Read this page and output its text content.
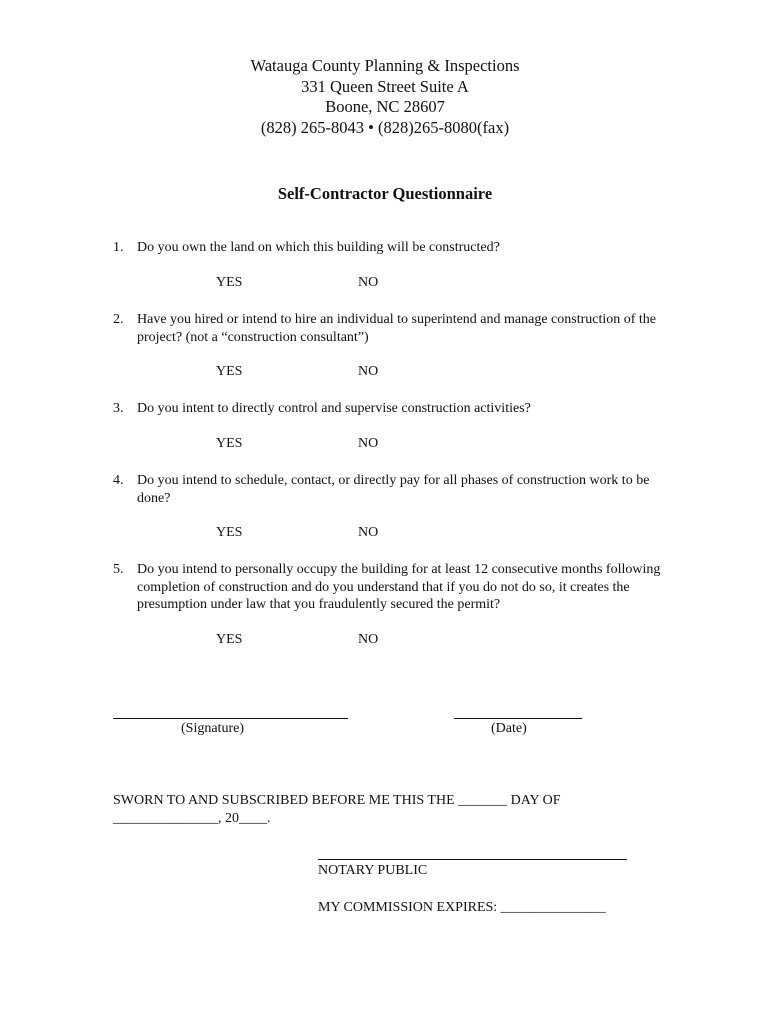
Watauga County Planning & Inspections
331 Queen Street Suite A
Boone, NC 28607
(828) 265-8043 • (828)265-8080(fax)
Self-Contractor Questionnaire
1. Do you own the land on which this building will be constructed?
YES	NO
2. Have you hired or intend to hire an individual to superintend and manage construction of the project? (not a “construction consultant”)
YES	NO
3. Do you intent to directly control and supervise construction activities?
YES	NO
4. Do you intend to schedule, contact, or directly pay for all phases of construction work to be done?
YES	NO
5. Do you intend to personally occupy the building for at least 12 consecutive months following completion of construction and do you understand that if you do not do so, it creates the presumption under law that you fraudulently secured the permit?
YES	NO
(Signature)	(Date)
SWORN TO AND SUBSCRIBED BEFORE ME THIS THE _______ DAY OF
_______________, 20____.
NOTARY PUBLIC
MY COMMISSION EXPIRES: _______________
